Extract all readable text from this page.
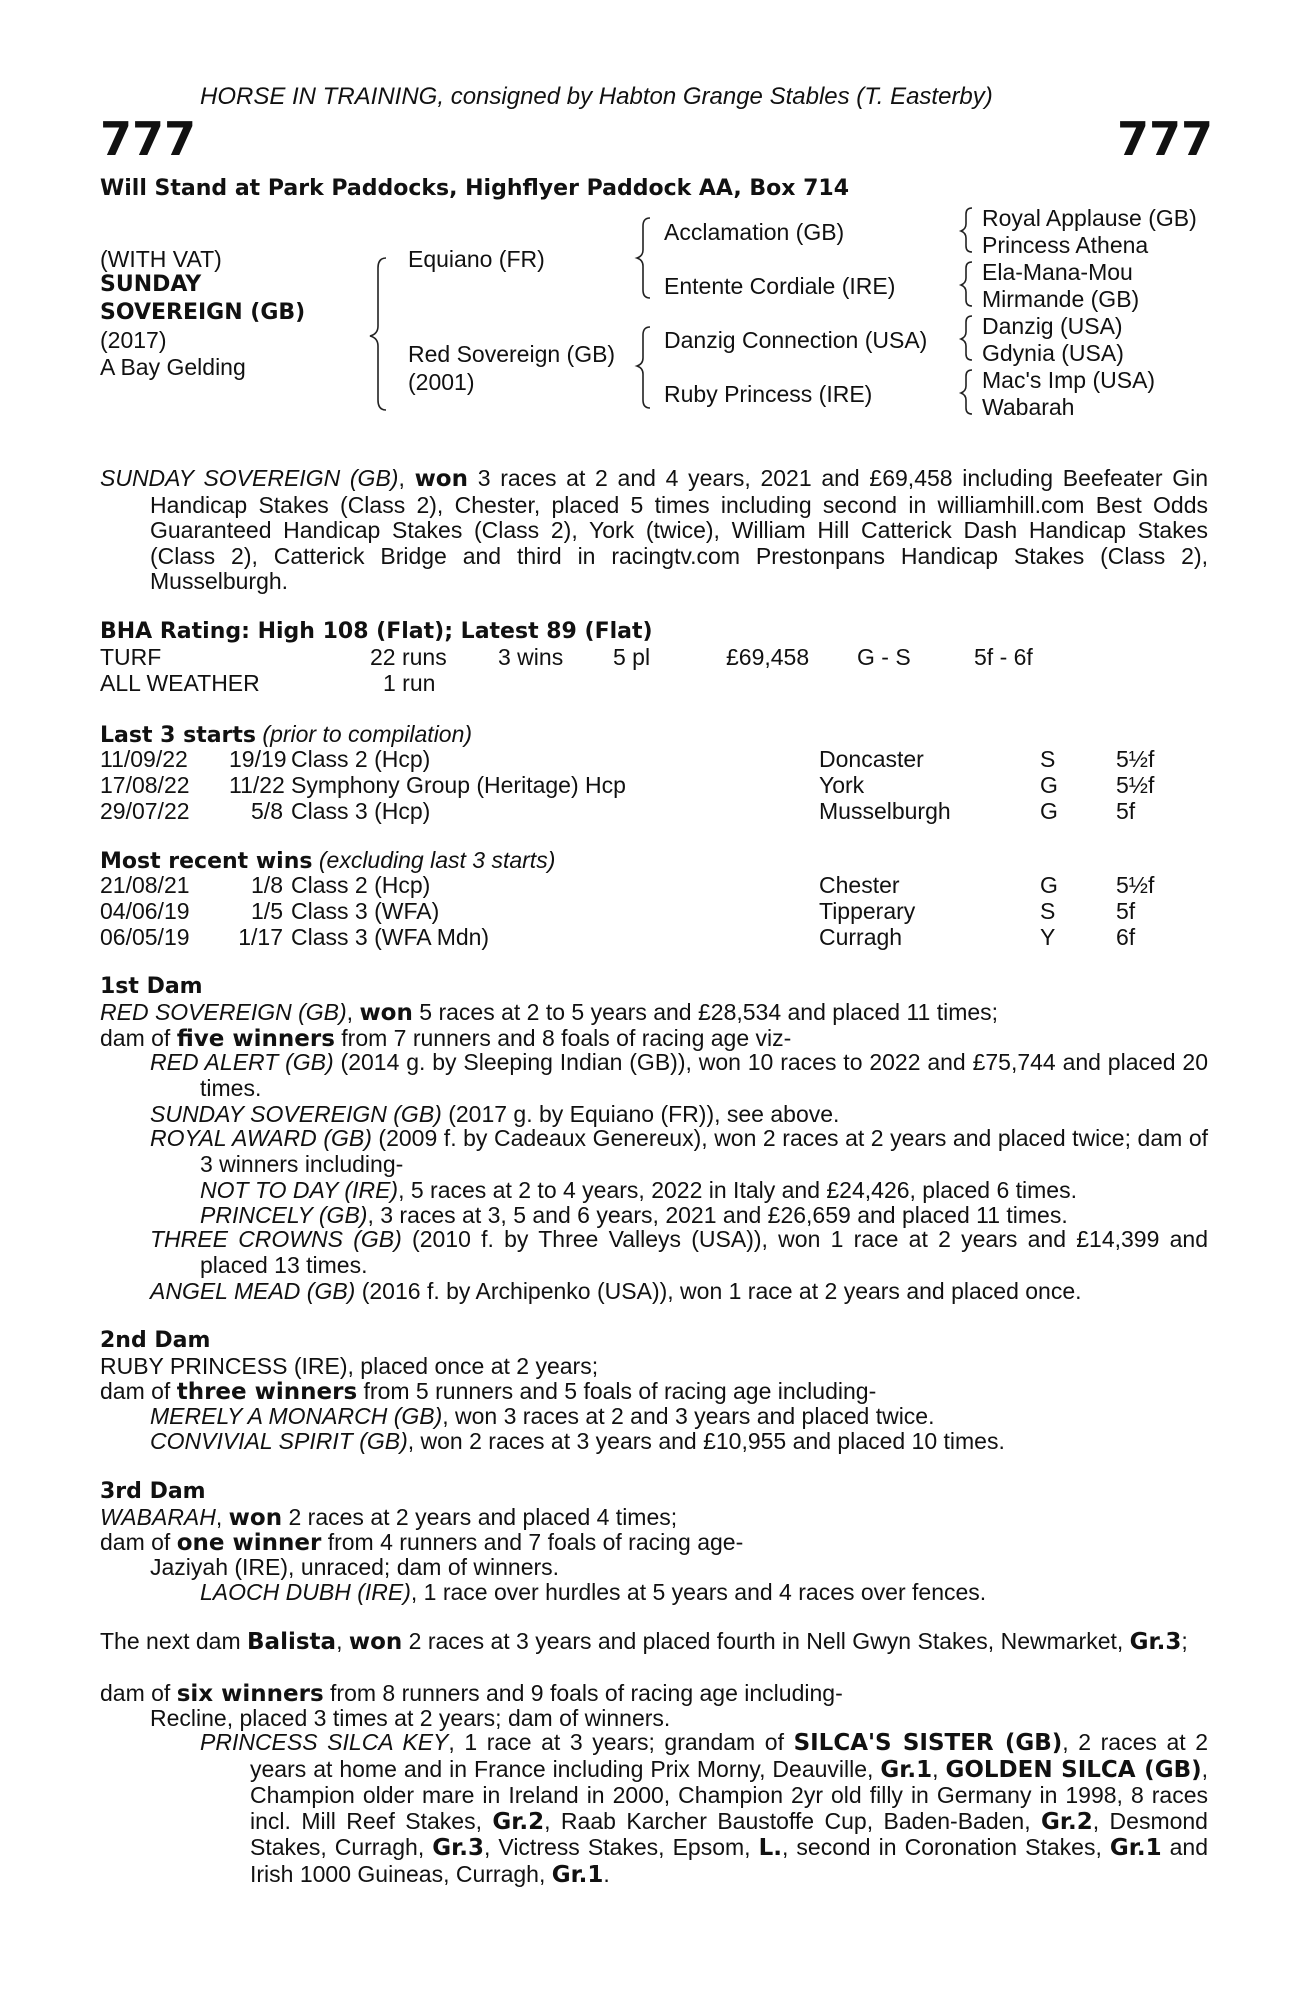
HORSE IN TRAINING, consigned by Habton Grange Stables (T. Easterby)
777	777
Will Stand at Park Paddocks, Highflyer Paddock AA, Box 714
(WITH VAT)
SUNDAY
SOVEREIGN (GB)
(2017)
A Bay Gelding
Equiano (FR)
Red Sovereign (GB)
(2001)
Acclamation (GB)
Entente Cordiale (IRE)
Danzig Connection (USA)
Ruby Princess (IRE)
Royal Applause (GB)
Princess Athena
Ela-Mana-Mou
Mirmande (GB)
Danzig (USA)
Gdynia (USA)
Mac's Imp (USA)
Wabarah
SUNDAY SOVEREIGN (GB), won 3 races at 2 and 4 years, 2021 and £69,458 including Beefeater Gin Handicap Stakes (Class 2), Chester, placed 5 times including second in williamhill.com Best Odds Guaranteed Handicap Stakes (Class 2), York (twice), William Hill Catterick Dash Handicap Stakes (Class 2), Catterick Bridge and third in racingtv.com Prestonpans Handicap Stakes (Class 2), Musselburgh.
BHA Rating: High 108 (Flat); Latest 89 (Flat)
TURF	22 runs 3 wins 5 pl	£69,458 G - S	5f - 6f
ALL WEATHER	1 run
Last 3 starts (prior to compilation)
11/09/22 19/19 Class 2 (Hcp)	Doncaster	S	5½f
17/08/22 11/22 Symphony Group (Heritage) Hcp	York	G	5½f
29/07/22	5/8 Class 3 (Hcp)	Musselburgh	G	5f
Most recent wins (excluding last 3 starts)
21/08/21	1/8 Class 2 (Hcp)	Chester	G	5½f
04/06/19	1/5 Class 3 (WFA)	Tipperary	S	5f
06/05/19	1/17 Class 3 (WFA Mdn)	Curragh	Y	6f
1st Dam
RED SOVEREIGN (GB), won 5 races at 2 to 5 years and £28,534 and placed 11 times;
dam of five winners from 7 runners and 8 foals of racing age viz-
RED ALERT (GB) (2014 g. by Sleeping Indian (GB)), won 10 races to 2022 and £75,744 and placed 20 times.
SUNDAY SOVEREIGN (GB) (2017 g. by Equiano (FR)), see above.
ROYAL AWARD (GB) (2009 f. by Cadeaux Genereux), won 2 races at 2 years and placed twice; dam of 3 winners including-
NOT TO DAY (IRE), 5 races at 2 to 4 years, 2022 in Italy and £24,426, placed 6 times.
PRINCELY (GB), 3 races at 3, 5 and 6 years, 2021 and £26,659 and placed 11 times.
THREE CROWNS (GB) (2010 f. by Three Valleys (USA)), won 1 race at 2 years and £14,399 and placed 13 times.
ANGEL MEAD (GB) (2016 f. by Archipenko (USA)), won 1 race at 2 years and placed once.
2nd Dam
RUBY PRINCESS (IRE), placed once at 2 years;
dam of three winners from 5 runners and 5 foals of racing age including-
MERELY A MONARCH (GB), won 3 races at 2 and 3 years and placed twice.
CONVIVIAL SPIRIT (GB), won 2 races at 3 years and £10,955 and placed 10 times.
3rd Dam
WABARAH, won 2 races at 2 years and placed 4 times;
dam of one winner from 4 runners and 7 foals of racing age-
Jaziyah (IRE), unraced; dam of winners.
LAOCH DUBH (IRE), 1 race over hurdles at 5 years and 4 races over fences.
The next dam Balista, won 2 races at 3 years and placed fourth in Nell Gwyn Stakes, Newmarket, Gr.3;
dam of six winners from 8 runners and 9 foals of racing age including-
Recline, placed 3 times at 2 years; dam of winners.
PRINCESS SILCA KEY, 1 race at 3 years; grandam of SILCA'S SISTER (GB), 2 races at 2 years at home and in France including Prix Morny, Deauville, Gr.1, GOLDEN SILCA (GB), Champion older mare in Ireland in 2000, Champion 2yr old filly in Germany in 1998, 8 races incl. Mill Reef Stakes, Gr.2, Raab Karcher Baustoffe Cup, Baden-Baden, Gr.2, Desmond Stakes, Curragh, Gr.3, Victress Stakes, Epsom, L., second in Coronation Stakes, Gr.1 and Irish 1000 Guineas, Curragh, Gr.1.
